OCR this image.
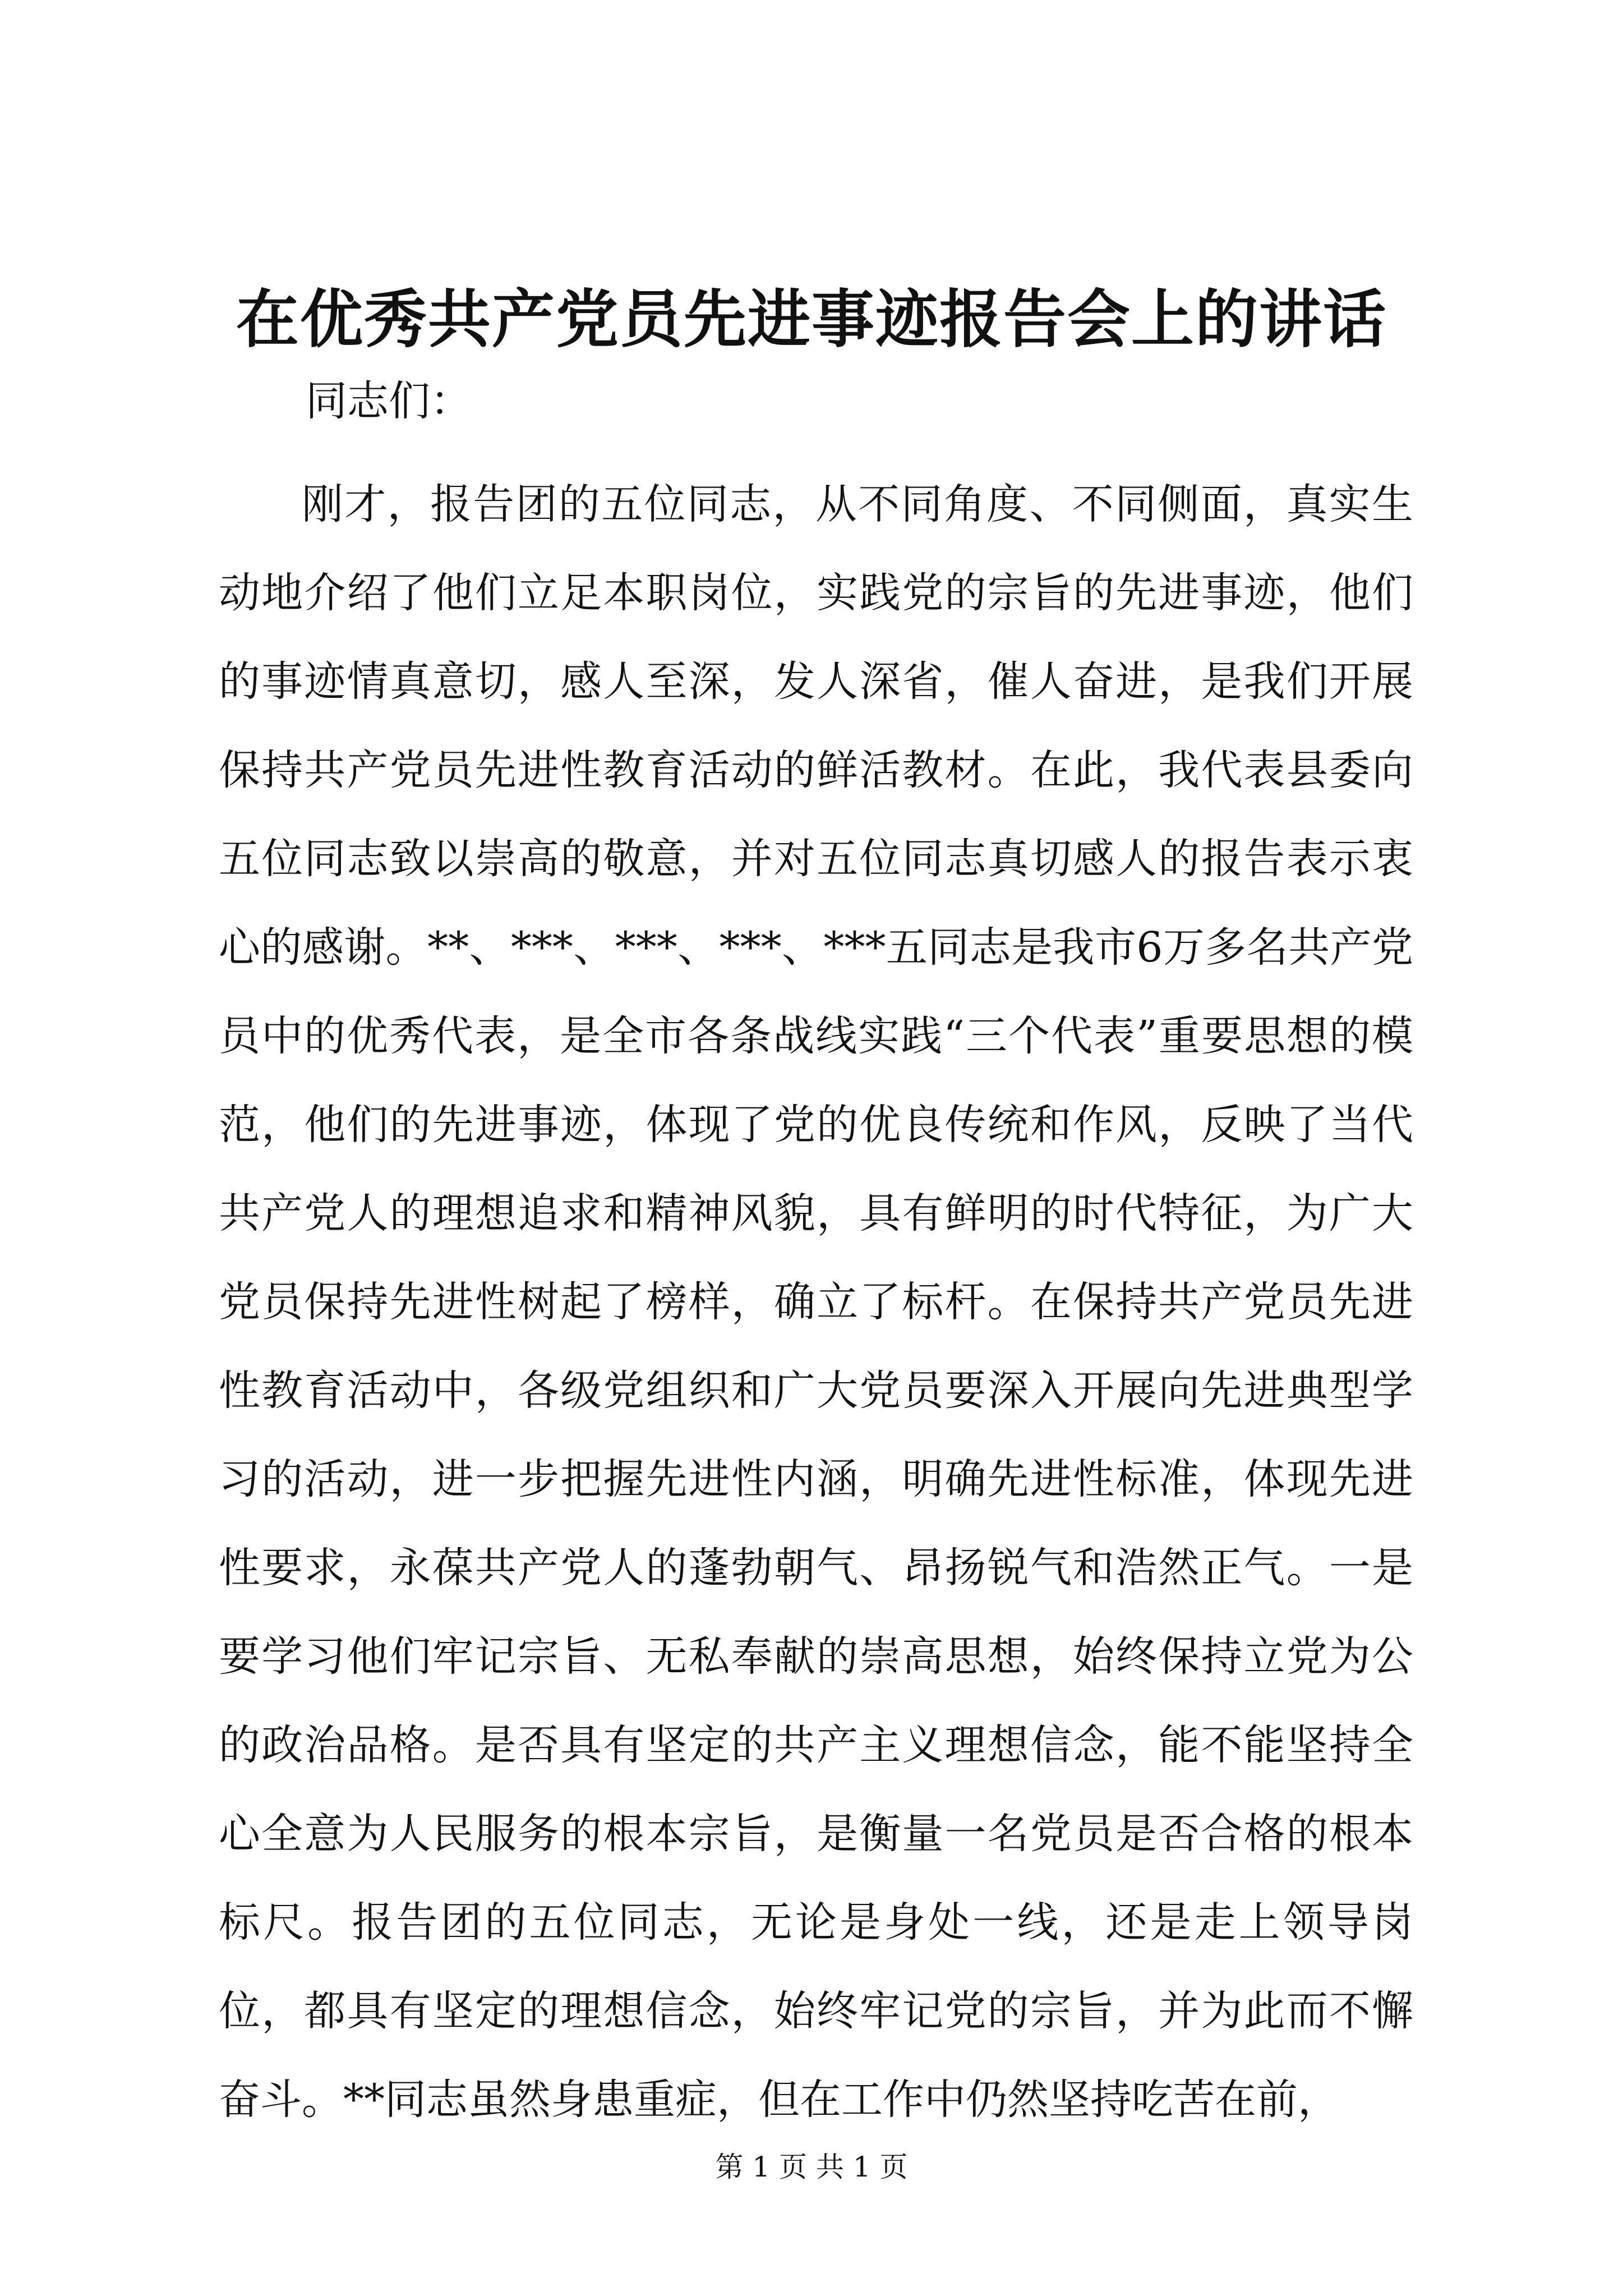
在优秀共产党员先进事迹报告会上的讲话

同志们：

刚才，报告团的五位同志，从不同角度、不同侧面，真实生动地介绍了他们立足本职岗位，实践党的宗旨的先进事迹，他们的事迹情真意切，感人至深，发人深省，催人奋进，是我们开展保持共产党员先进性教育活动的鲜活教材。在此，我代表县委向五位同志致以崇高的敬意，并对五位同志真切感人的报告表示衷心的感谢。**、***、***、***、***五同志是我市6万多名共产党员中的优秀代表，是全市各条战线实践“三个代表”重要思想的模范，他们的先进事迹，体现了党的优良传统和作风，反映了当代共产党人的理想追求和精神风貌，具有鲜明的时代特征，为广大党员保持先进性树起了榜样，确立了标杆。在保持共产党员先进性教育活动中，各级党组织和广大党员要深入开展向先进典型学习的活动，进一步把握先进性内涵，明确先进性标准，体现先进性要求，永葆共产党人的蓬勃朝气、昂扬锐气和浩然正气。一是要学习他们牢记宗旨、无私奉献的崇高思想，始终保持立党为公的政治品格。是否具有坚定的共产主义理想信念，能不能坚持全心全意为人民服务的根本宗旨，是衡量一名党员是否合格的根本标尺。报告团的五位同志，无论是身处一线，还是走上领导岗位，都具有坚定的理想信念，始终牢记党的宗旨，并为此而不懈奋斗。**同志虽然身患重症，但在工作中仍然坚持吃苦在前，

第 1 页 共 1 页
